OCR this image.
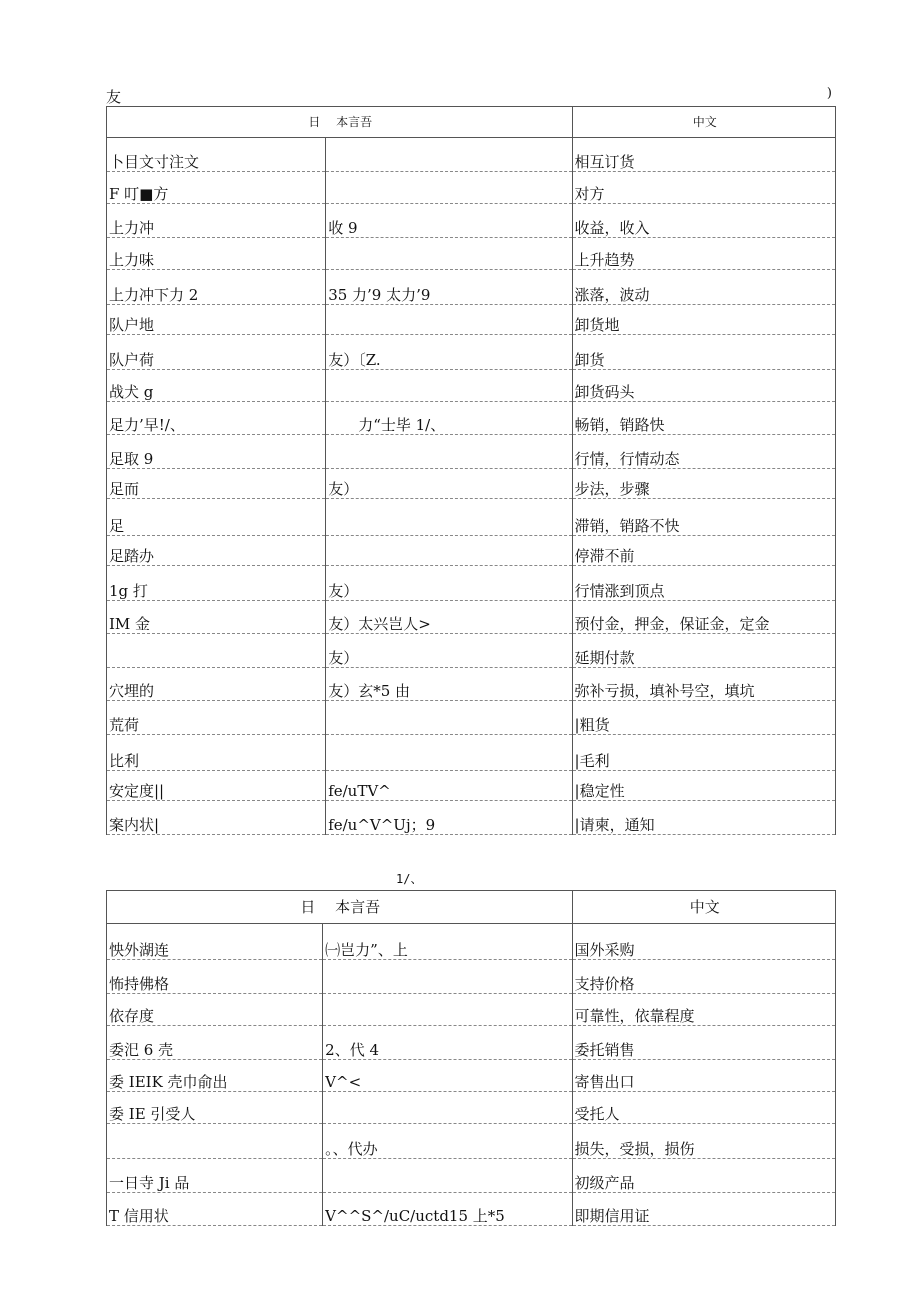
友	)
日　 本言吾		中文
卜目文寸注文		相互订货
F 叮■方		对方
上力冲	收 9	收益，收入
上力味		上升趋势
上力冲下力 2	35 力’9 太力’9	涨落，波动
队户地		卸货地
队户荷	友）〔Z.	卸货
战犬 g		卸货码头
足力’早!/、	　　力“士毕 1/、	畅销，销路快
足取 9		行情，行情动态
足而	友）	步法，步骤
足		滞销，销路不快
足踏办		停滞不前
1g 打	友）	行情涨到顶点
IM 金	友）太兴岂人>	预付金，押金，保证金，定金
	友）	延期付款
穴埋的	友）玄*5 由	弥补亏损，填补号空，填坑
荒荷		|粗货
比利		|毛利
安定度||	fe/uTV^	|稳定性
案内状|	fe/u^V^Uj；9	|请柬，通知
1/、
日　 本言吾		中文
怏外湖连	㈠岂力”、上	国外采购
怖持佛格		支持价格
依存度		可靠性，依靠程度
委汜 6 壳	2、代 4	委托销售
委 IEIK 壳巾俞出	V^<	寄售出口
委 IE 引受人		受托人
	。、代办	损失，受损，损伤
一日寺 Ji 品		初级产品
T 信用状	V^^S^/uC/uctd15 上*5	即期信用证
